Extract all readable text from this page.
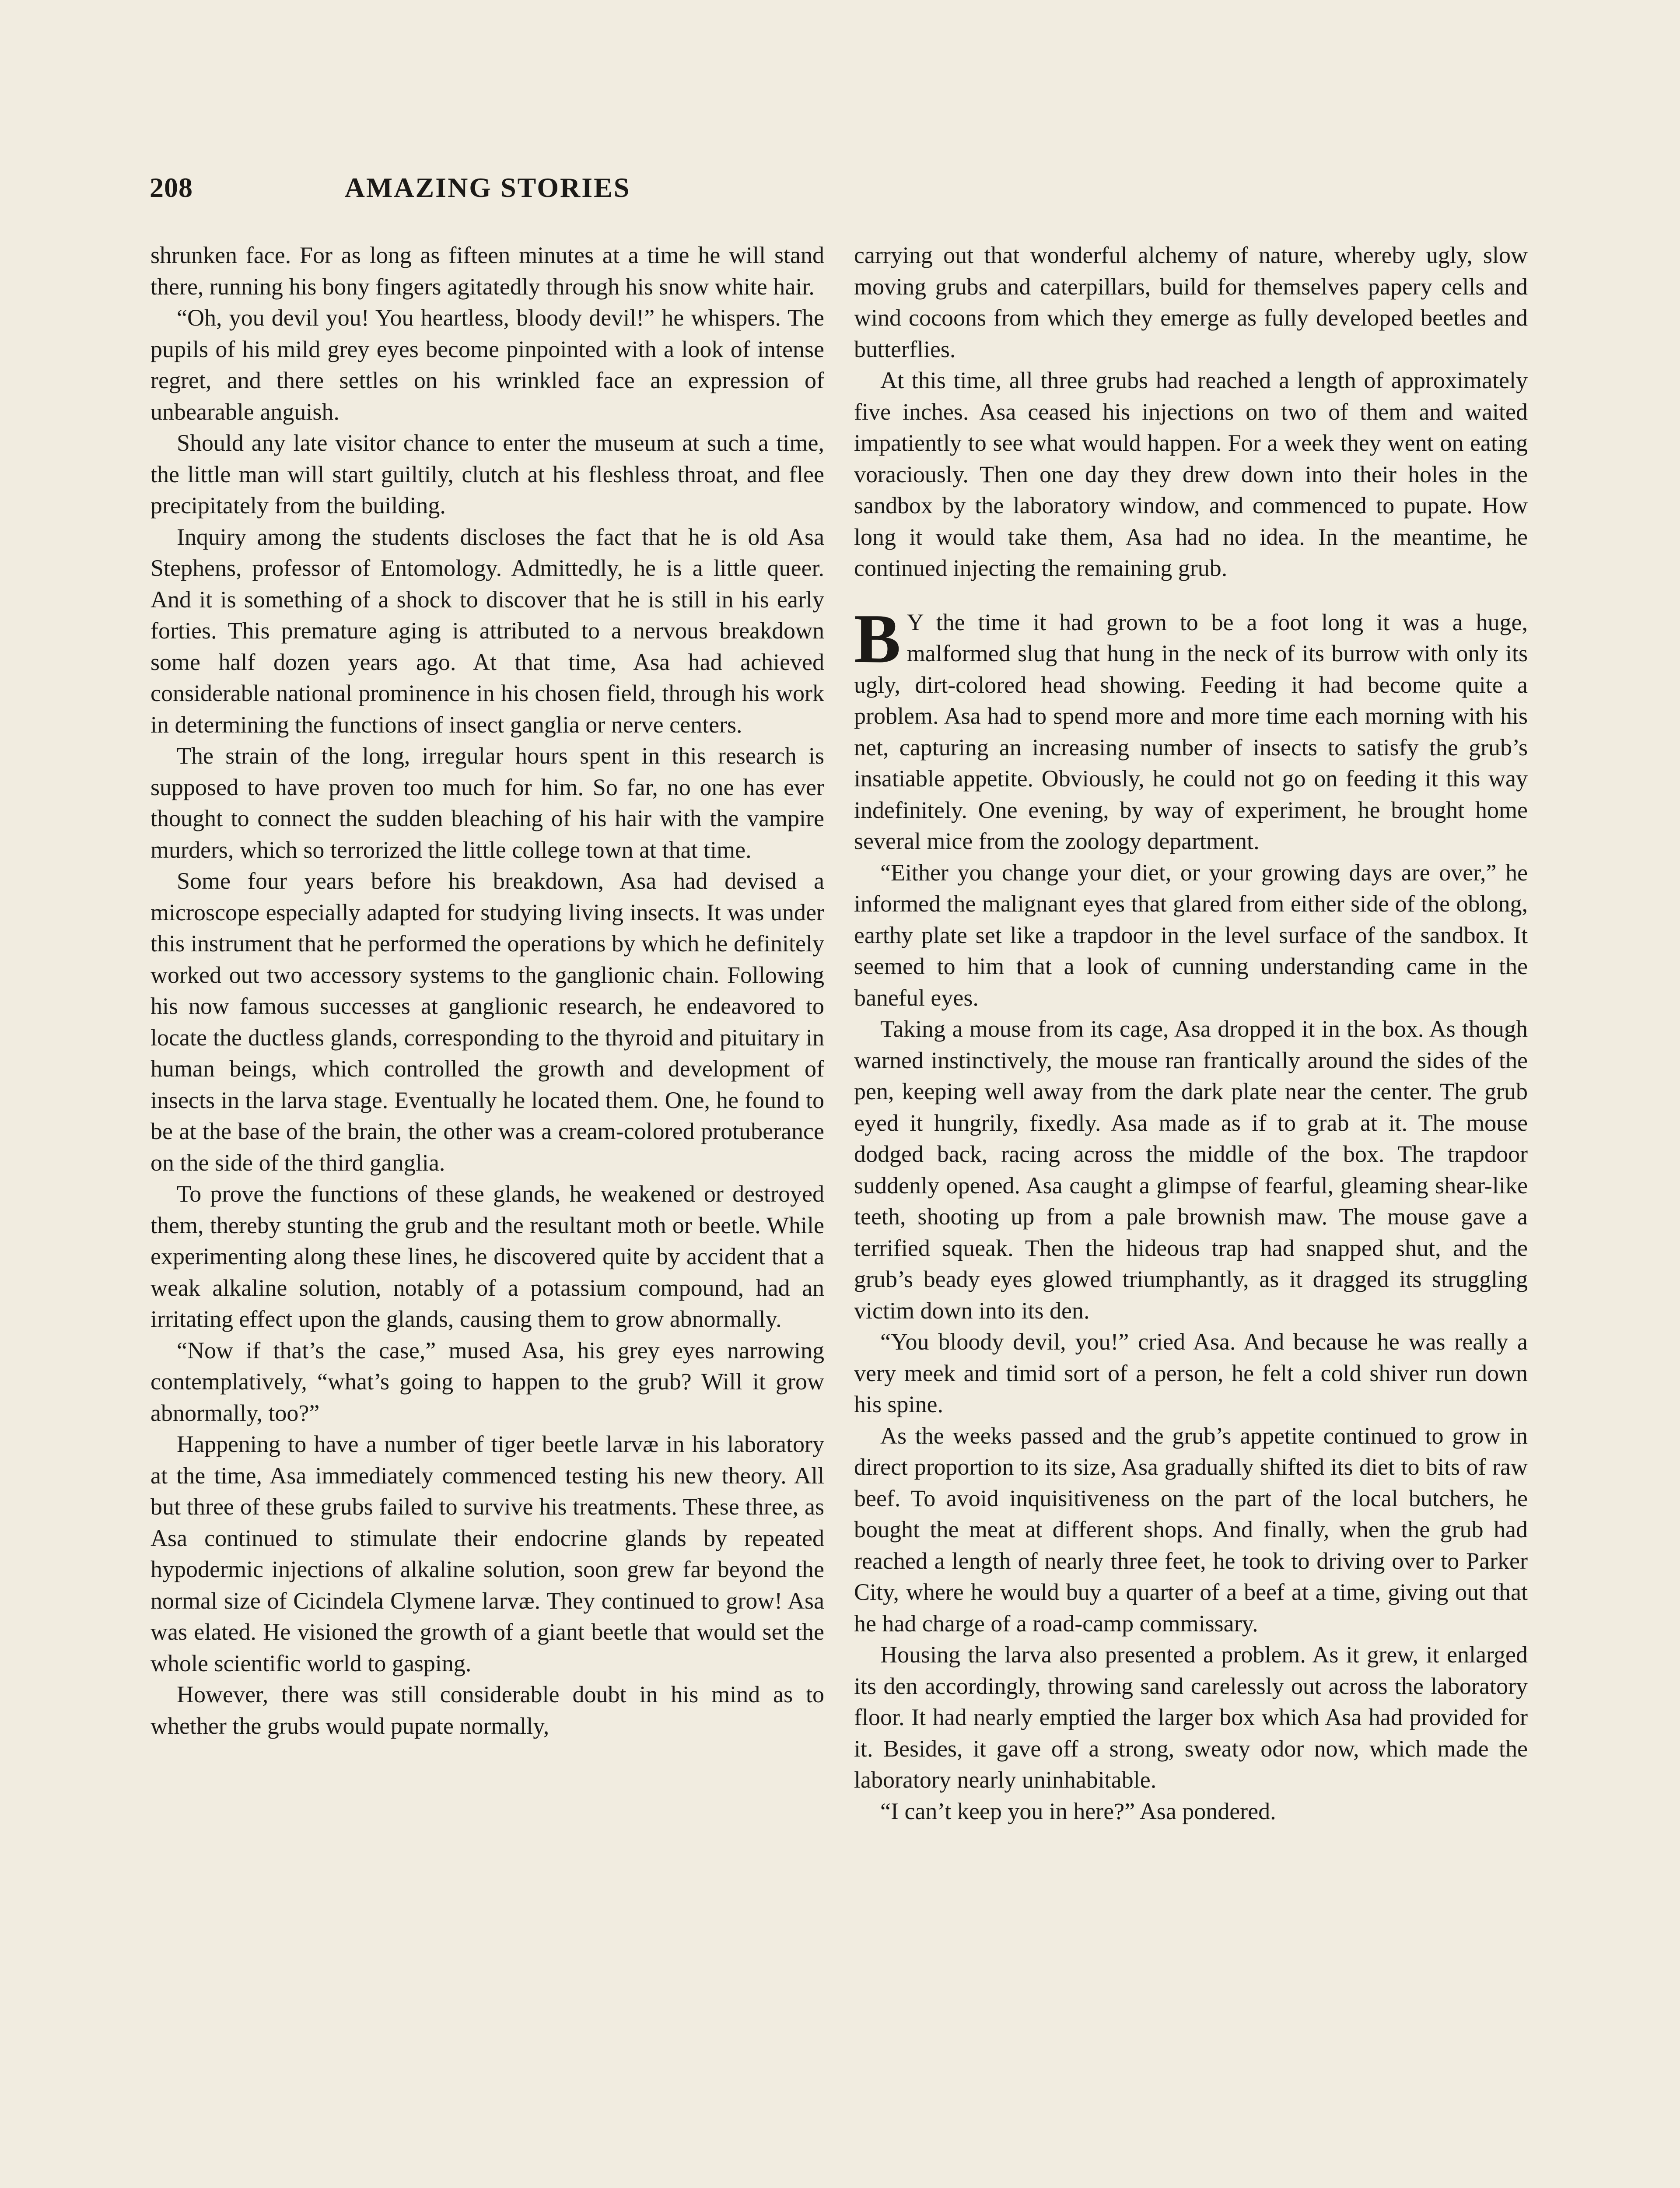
208	AMAZING STORIES

shrunken face. For as long as fifteen minutes at a time he will stand there, running his bony fingers agitatedly through his snow white hair.

“Oh, you devil you! You heartless, bloody devil!” he whispers. The pupils of his mild grey eyes become pinpointed with a look of intense regret, and there settles on his wrinkled face an expression of unbearable anguish.

Should any late visitor chance to enter the museum at such a time, the little man will start guiltily, clutch at his fleshless throat, and flee precipitately from the building.

Inquiry among the students discloses the fact that he is old Asa Stephens, professor of Entomology. Admittedly, he is a little queer. And it is something of a shock to discover that he is still in his early forties. This premature aging is attributed to a nervous breakdown some half dozen years ago. At that time, Asa had achieved considerable national prominence in his chosen field, through his work in determining the functions of insect ganglia or nerve centers.

The strain of the long, irregular hours spent in this research is supposed to have proven too much for him. So far, no one has ever thought to connect the sudden bleaching of his hair with the vampire murders, which so terrorized the little college town at that time.

Some four years before his breakdown, Asa had devised a microscope especially adapted for studying living insects. It was under this instrument that he performed the operations by which he definitely worked out two accessory systems to the ganglionic chain. Following his now famous successes at ganglionic research, he endeavored to locate the ductless glands, corresponding to the thyroid and pituitary in human beings, which controlled the growth and development of insects in the larva stage. Eventually he located them. One, he found to be at the base of the brain, the other was a cream-colored protuberance on the side of the third ganglia.

To prove the functions of these glands, he weakened or destroyed them, thereby stunting the grub and the resultant moth or beetle. While experimenting along these lines, he discovered quite by accident that a weak alkaline solution, notably of a potassium compound, had an irritating effect upon the glands, causing them to grow abnormally.

“Now if that’s the case,” mused Asa, his grey eyes narrowing contemplatively, “what’s going to happen to the grub? Will it grow abnormally, too?”

Happening to have a number of tiger beetle larvæ in his laboratory at the time, Asa immediately commenced testing his new theory. All but three of these grubs failed to survive his treatments. These three, as Asa continued to stimulate their endocrine glands by repeated hypodermic injections of alkaline solution, soon grew far beyond the normal size of Cicindela Clymene larvæ. They continued to grow! Asa was elated. He visioned the growth of a giant beetle that would set the whole scientific world to gasping.

However, there was still considerable doubt in his mind as to whether the grubs would pupate normally,

carrying out that wonderful alchemy of nature, whereby ugly, slow moving grubs and caterpillars, build for themselves papery cells and wind cocoons from which they emerge as fully developed beetles and butterflies.

At this time, all three grubs had reached a length of approximately five inches. Asa ceased his injections on two of them and waited impatiently to see what would happen. For a week they went on eating voraciously. Then one day they drew down into their holes in the sandbox by the laboratory window, and commenced to pupate. How long it would take them, Asa had no idea. In the meantime, he continued injecting the remaining grub.

B Y the time it had grown to be a foot long it was a huge, malformed slug that hung in the neck of its burrow with only its ugly, dirt-colored head showing. Feeding it had become quite a problem. Asa had to spend more and more time each morning with his net, capturing an increasing number of insects to satisfy the grub’s insatiable appetite. Obviously, he could not go on feeding it this way indefinitely. One evening, by way of experiment, he brought home several mice from the zoology department.

“Either you change your diet, or your growing days are over,” he informed the malignant eyes that glared from either side of the oblong, earthy plate set like a trapdoor in the level surface of the sandbox. It seemed to him that a look of cunning understanding came in the baneful eyes.

Taking a mouse from its cage, Asa dropped it in the box. As though warned instinctively, the mouse ran frantically around the sides of the pen, keeping well away from the dark plate near the center. The grub eyed it hungrily, fixedly. Asa made as if to grab at it. The mouse dodged back, racing across the middle of the box. The trapdoor suddenly opened. Asa caught a glimpse of fearful, gleaming shear-like teeth, shooting up from a pale brownish maw. The mouse gave a terrified squeak. Then the hideous trap had snapped shut, and the grub’s beady eyes glowed triumphantly, as it dragged its struggling victim down into its den.

“You bloody devil, you!” cried Asa. And because he was really a very meek and timid sort of a person, he felt a cold shiver run down his spine.

As the weeks passed and the grub’s appetite continued to grow in direct proportion to its size, Asa gradually shifted its diet to bits of raw beef. To avoid inquisitiveness on the part of the local butchers, he bought the meat at different shops. And finally, when the grub had reached a length of nearly three feet, he took to driving over to Parker City, where he would buy a quarter of a beef at a time, giving out that he had charge of a road-camp commissary.

Housing the larva also presented a problem. As it grew, it enlarged its den accordingly, throwing sand carelessly out across the laboratory floor. It had nearly emptied the larger box which Asa had provided for it. Besides, it gave off a strong, sweaty odor now, which made the laboratory nearly uninhabitable.

“I can’t keep you in here?” Asa pondered.
